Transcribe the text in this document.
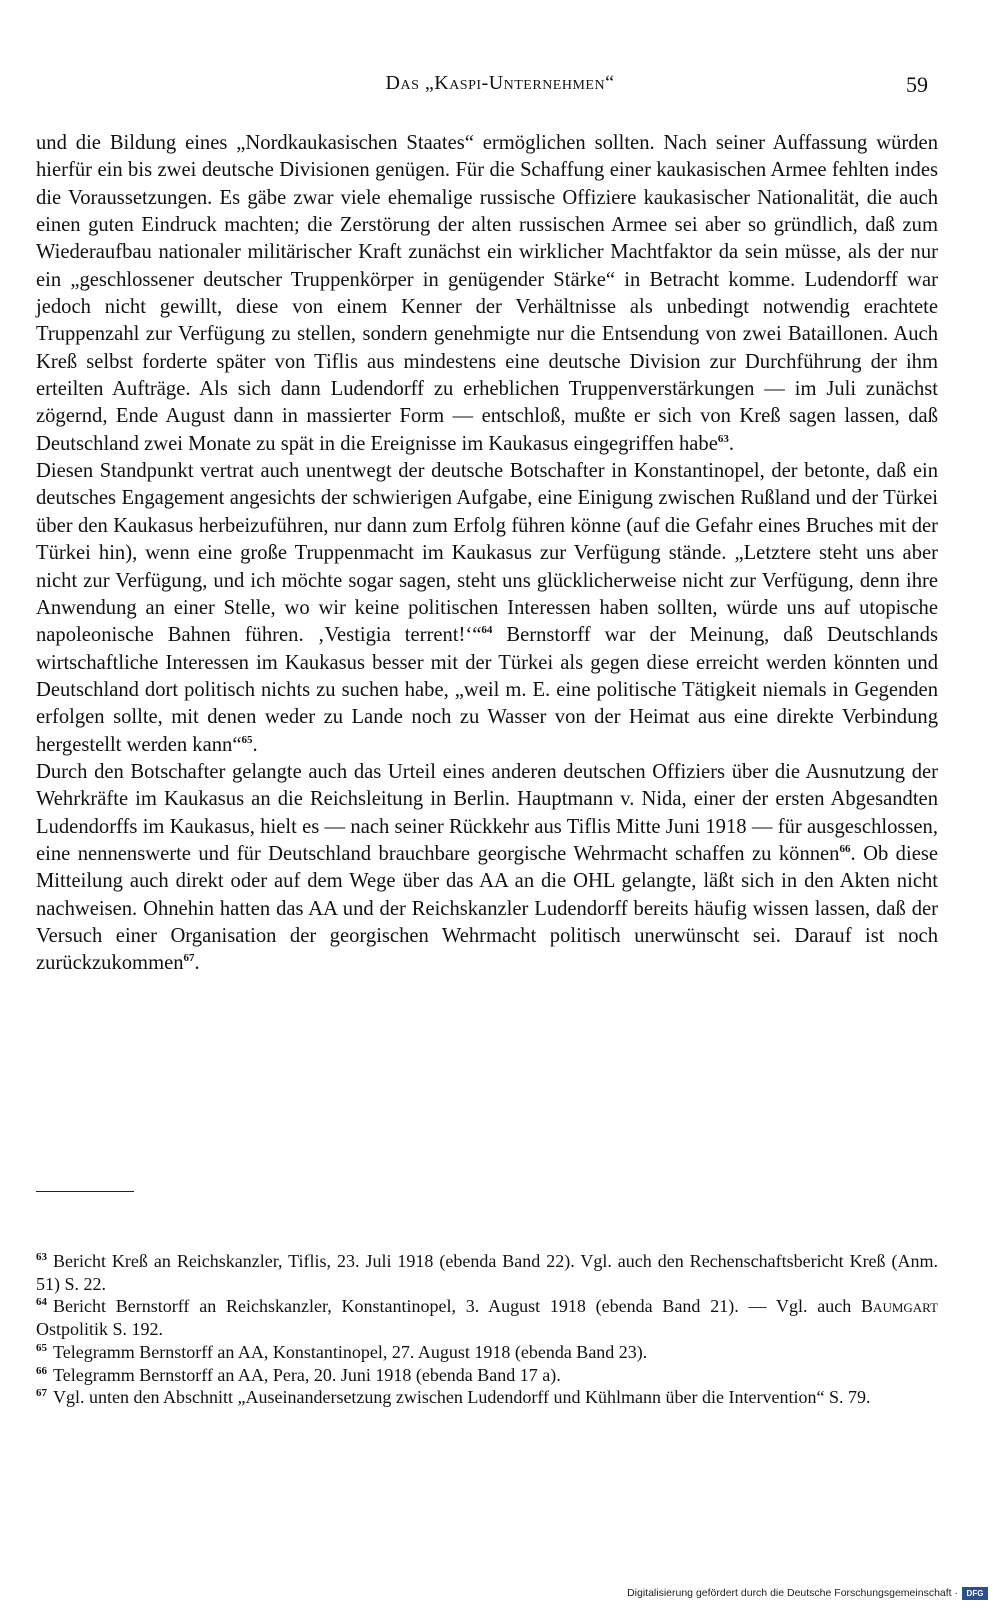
Das „Kaspi-Unternehmen“	59

und die Bildung eines „Nordkaukasischen Staates“ ermöglichen sollten. Nach seiner Auffassung würden hierfür ein bis zwei deutsche Divisionen genügen. Für die Schaffung einer kaukasischen Armee fehlten indes die Voraussetzungen. Es gäbe zwar viele ehemalige russische Offiziere kaukasischer Nationalität, die auch einen guten Eindruck machten; die Zerstörung der alten russischen Armee sei aber so gründlich, daß zum Wiederaufbau nationaler militärischer Kraft zunächst ein wirklicher Machtfaktor da sein müsse, als der nur ein „geschlossener deutscher Truppenkörper in genügender Stärke“ in Betracht komme. Ludendorff war jedoch nicht gewillt, diese von einem Kenner der Verhältnisse als unbedingt notwendig erachtete Truppenzahl zur Verfügung zu stellen, sondern genehmigte nur die Entsendung von zwei Bataillonen. Auch Kreß selbst forderte später von Tiflis aus mindestens eine deutsche Division zur Durchführung der ihm erteilten Aufträge. Als sich dann Ludendorff zu erheblichen Truppenverstärkungen — im Juli zunächst zögernd, Ende August dann in massierter Form — entschloß, mußte er sich von Kreß sagen lassen, daß Deutschland zwei Monate zu spät in die Ereignisse im Kaukasus eingegriffen habe$^{63}$.

Diesen Standpunkt vertrat auch unentwegt der deutsche Botschafter in Konstantinopel, der betonte, daß ein deutsches Engagement angesichts der schwierigen Aufgabe, eine Einigung zwischen Rußland und der Türkei über den Kaukasus herbeizuführen, nur dann zum Erfolg führen könne (auf die Gefahr eines Bruches mit der Türkei hin), wenn eine große Truppenmacht im Kaukasus zur Verfügung stände. „Letztere steht uns aber nicht zur Verfügung, und ich möchte sogar sagen, steht uns glücklicherweise nicht zur Verfügung, denn ihre Anwendung an einer Stelle, wo wir keine politischen Interessen haben sollten, würde uns auf utopische napoleonische Bahnen führen. ‚Vestigia terrent!‘“$^{64}$ Bernstorff war der Meinung, daß Deutschlands wirtschaftliche Interessen im Kaukasus besser mit der Türkei als gegen diese erreicht werden könnten und Deutschland dort politisch nichts zu suchen habe, „weil m. E. eine politische Tätigkeit niemals in Gegenden erfolgen sollte, mit denen weder zu Lande noch zu Wasser von der Heimat aus eine direkte Verbindung hergestellt werden kann“$^{65}$.

Durch den Botschafter gelangte auch das Urteil eines anderen deutschen Offiziers über die Ausnutzung der Wehrkräfte im Kaukasus an die Reichsleitung in Berlin. Hauptmann v. Nida, einer der ersten Abgesandten Ludendorffs im Kaukasus, hielt es — nach seiner Rückkehr aus Tiflis Mitte Juni 1918 — für ausgeschlossen, eine nennenswerte und für Deutschland brauchbare georgische Wehrmacht schaffen zu können$^{66}$. Ob diese Mitteilung auch direkt oder auf dem Wege über das AA an die OHL gelangte, läßt sich in den Akten nicht nachweisen. Ohnehin hatten das AA und der Reichskanzler Ludendorff bereits häufig wissen lassen, daß der Versuch einer Organisation der georgischen Wehrmacht politisch unerwünscht sei. Darauf ist noch zurückzukommen$^{67}$.

$^{63}$ Bericht Kreß an Reichskanzler, Tiflis, 23. Juli 1918 (ebenda Band 22). Vgl. auch den Rechenschaftsbericht Kreß (Anm. 51) S. 22.
$^{64}$ Bericht Bernstorff an Reichskanzler, Konstantinopel, 3. August 1918 (ebenda Band 21). — Vgl. auch Baumgart Ostpolitik S. 192.
$^{65}$ Telegramm Bernstorff an AA, Konstantinopel, 27. August 1918 (ebenda Band 23).
$^{66}$ Telegramm Bernstorff an AA, Pera, 20. Juni 1918 (ebenda Band 17 a).
$^{67}$ Vgl. unten den Abschnitt „Auseinandersetzung zwischen Ludendorff und Kühlmann über die Intervention“ S. 79.
Digitalisierung gefördert durch die Deutsche Forschungsgemeinschaft ·	DFG
